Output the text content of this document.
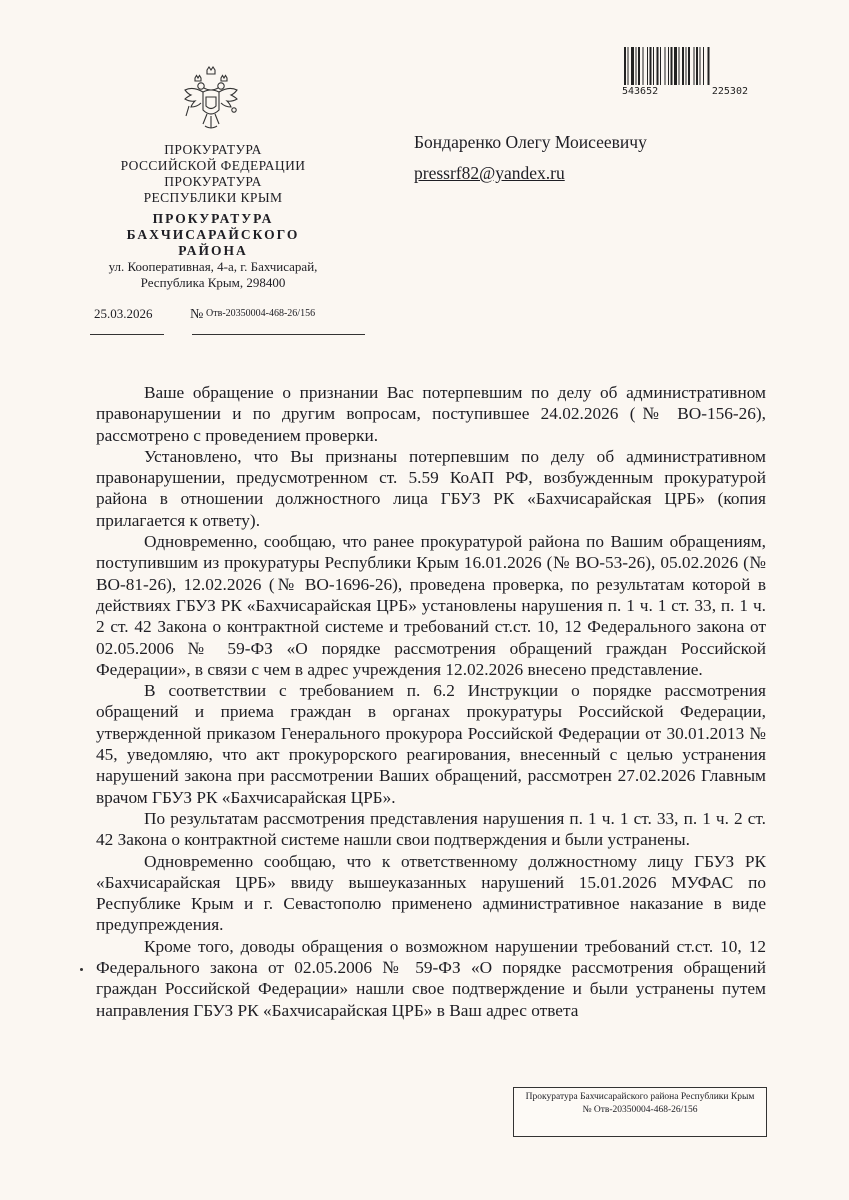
543652	225302
ПРОКУРАТУРА
РОССИЙСКОЙ ФЕДЕРАЦИИ
ПРОКУРАТУРА
РЕСПУБЛИКИ КРЫМ
ПРОКУРАТУРА
БАХЧИСАРАЙСКОГО
РАЙОНА
ул. Кооперативная, 4-а, г. Бахчисарай,
Республика Крым, 298400
25.03.2026	№ Отв-20350004-468-26/156
Бондаренко Олегу Моисеевичу
pressrf82@yandex.ru

Ваше обращение о признании Вас потерпевшим по делу об административном правонарушении и по другим вопросам, поступившее 24.02.2026 (№ ВО-156-26), рассмотрено с проведением проверки.

Установлено, что Вы признаны потерпевшим по делу об административном правонарушении, предусмотренном ст. 5.59 КоАП РФ, возбужденным прокуратурой района в отношении должностного лица ГБУЗ РК «Бахчисарайская ЦРБ» (копия прилагается к ответу).

Одновременно, сообщаю, что ранее прокуратурой района по Вашим обращениям, поступившим из прокуратуры Республики Крым 16.01.2026 (№ ВО-53-26), 05.02.2026 (№ ВО-81-26), 12.02.2026 (№ ВО-1696-26), проведена проверка, по результатам которой в действиях ГБУЗ РК «Бахчисарайская ЦРБ» установлены нарушения п. 1 ч. 1 ст. 33, п. 1 ч. 2 ст. 42 Закона о контрактной системе и требований ст.ст. 10, 12 Федерального закона от 02.05.2006 № 59-ФЗ «О порядке рассмотрения обращений граждан Российской Федерации», в связи с чем в адрес учреждения 12.02.2026 внесено представление.

В соответствии с требованием п. 6.2 Инструкции о порядке рассмотрения обращений и приема граждан в органах прокуратуры Российской Федерации, утвержденной приказом Генерального прокурора Российской Федерации от 30.01.2013 № 45, уведомляю, что акт прокурорского реагирования, внесенный с целью устранения нарушений закона при рассмотрении Ваших обращений, рассмотрен 27.02.2026 Главным врачом ГБУЗ РК «Бахчисарайская ЦРБ».

По результатам рассмотрения представления нарушения п. 1 ч. 1 ст. 33, п. 1 ч. 2 ст. 42 Закона о контрактной системе нашли свои подтверждения и были устранены.

Одновременно сообщаю, что к ответственному должностному лицу ГБУЗ РК «Бахчисарайская ЦРБ» ввиду вышеуказанных нарушений 15.01.2026 МУФАС по Республике Крым и г. Севастополю применено административное наказание в виде предупреждения.

Кроме того, доводы обращения о возможном нарушении требований ст.ст. 10, 12 Федерального закона от 02.05.2006 № 59-ФЗ «О порядке рассмотрения обращений граждан Российской Федерации» нашли свое подтверждение и были устранены путем направления ГБУЗ РК «Бахчисарайская ЦРБ» в Ваш адрес ответа

Прокуратура Бахчисарайского района Республики Крым
№ Отв-20350004-468-26/156
